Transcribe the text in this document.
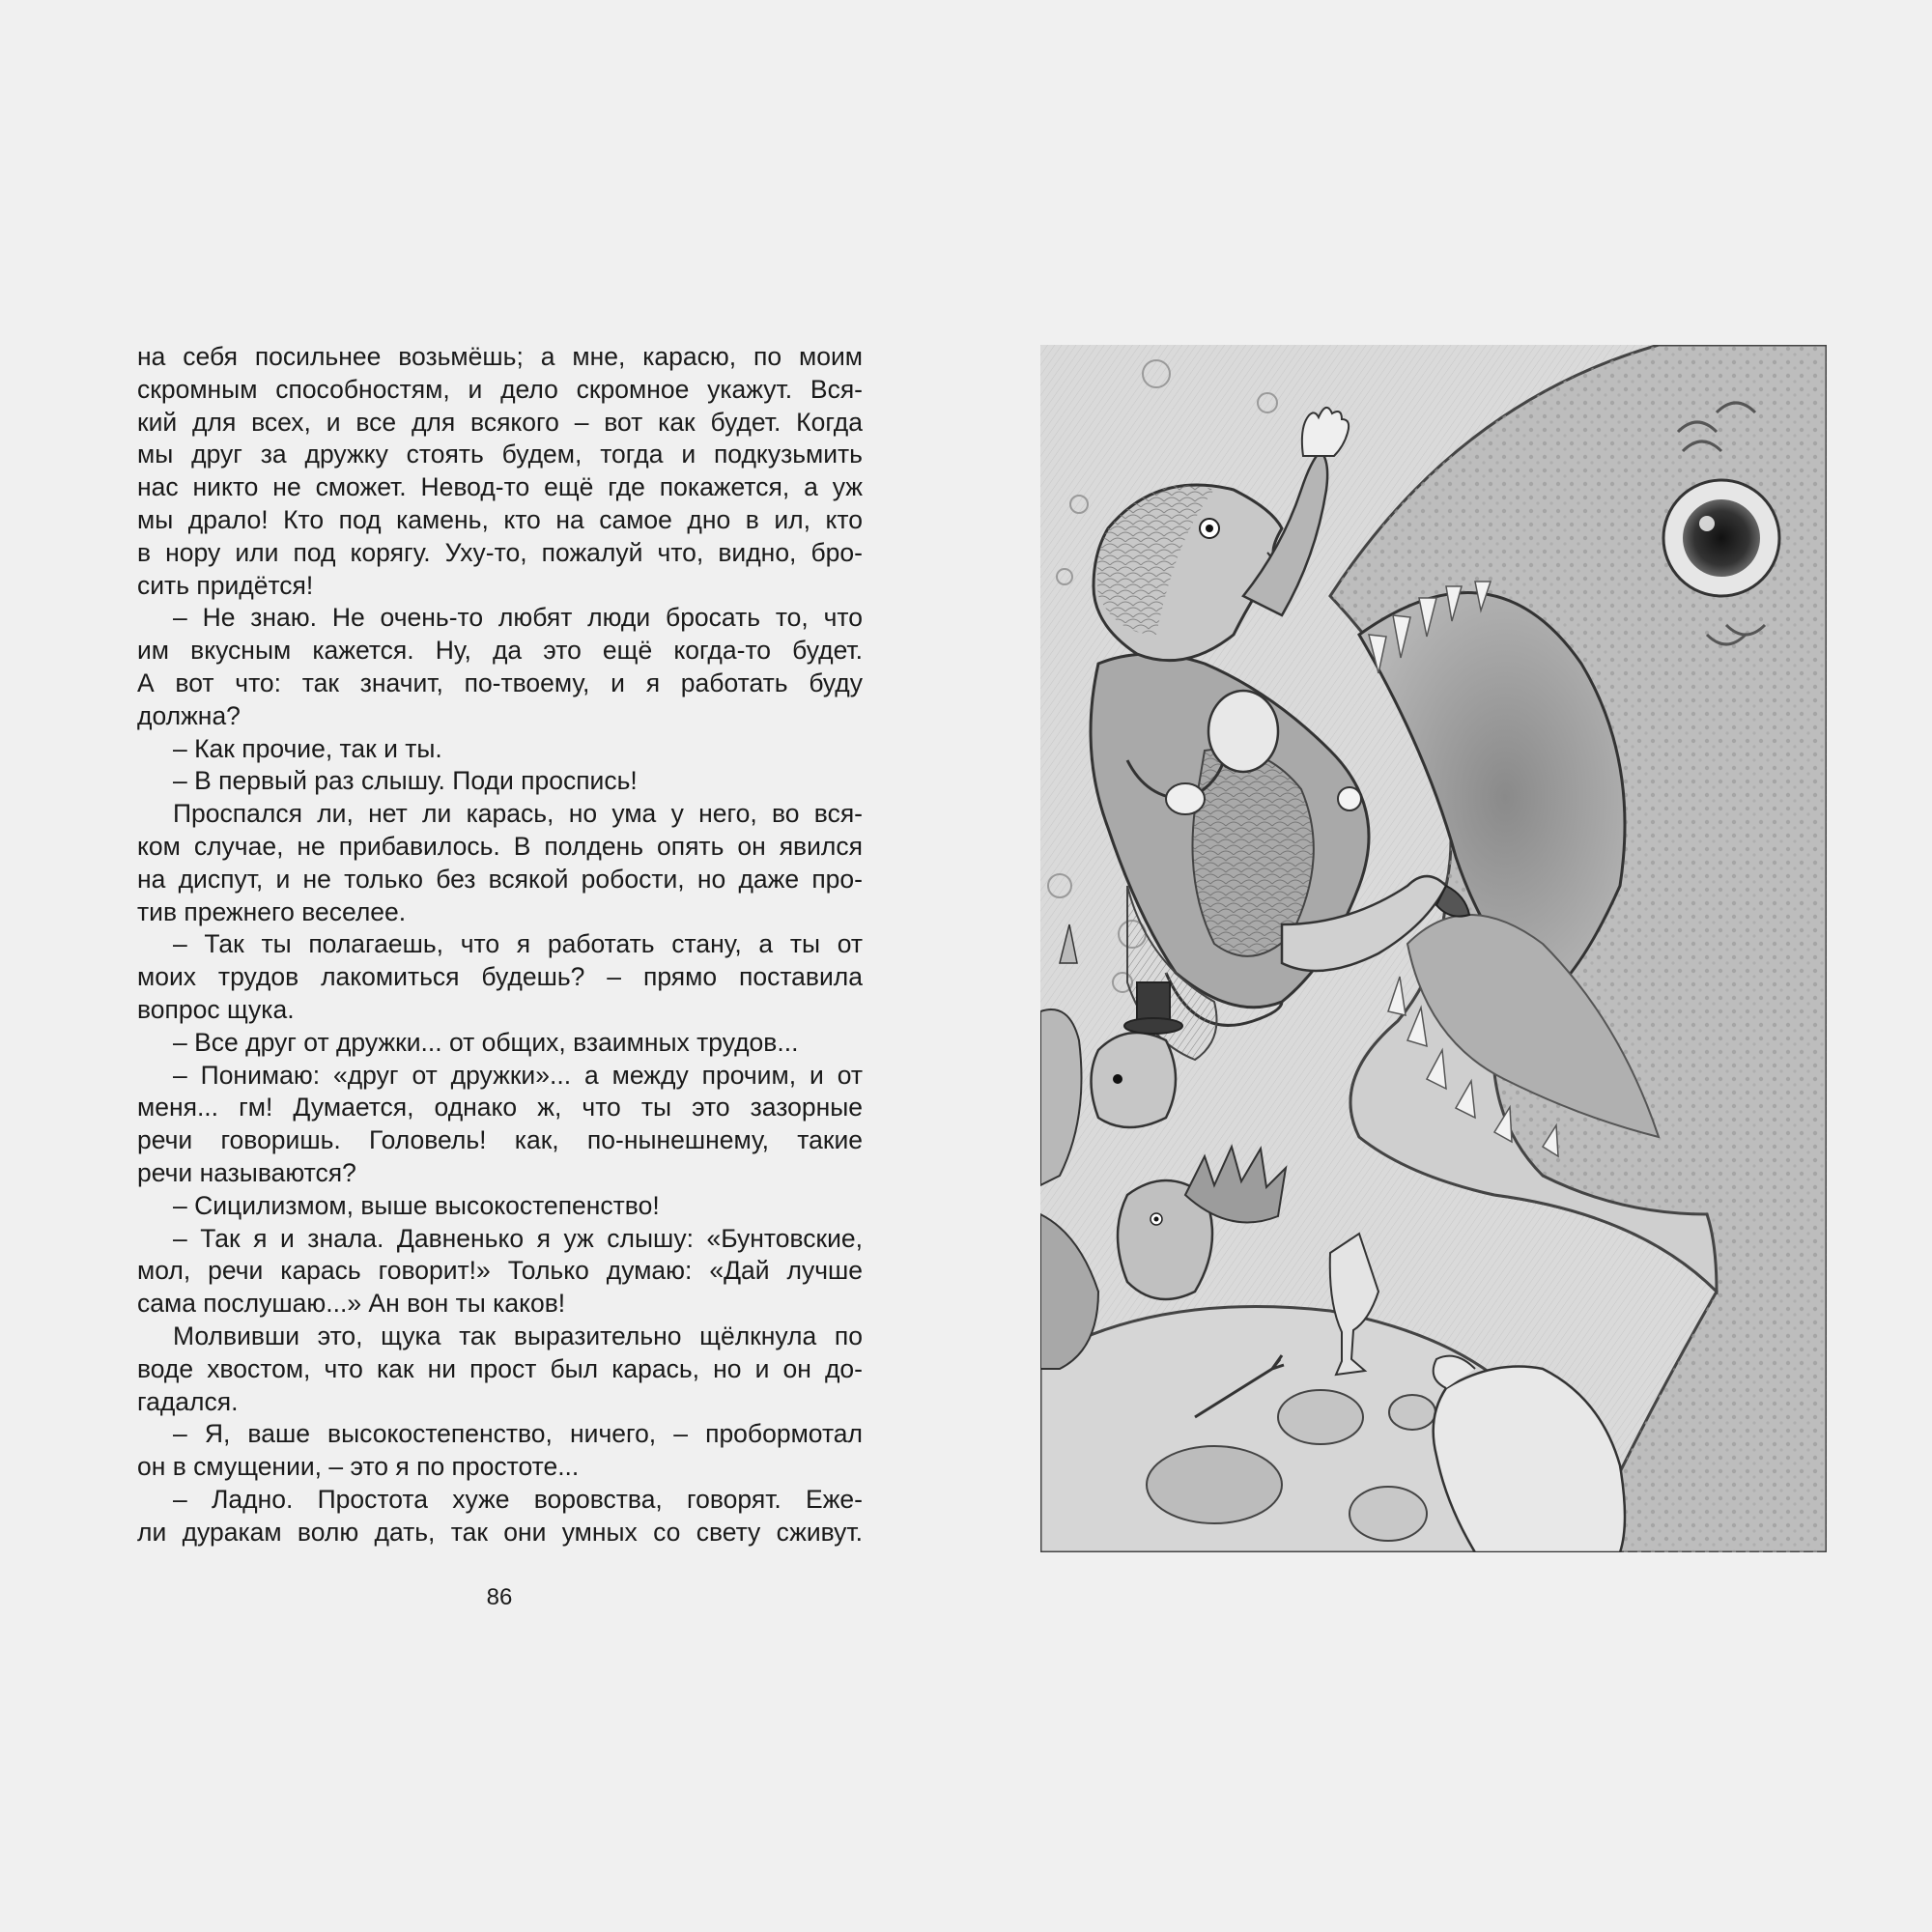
на себя посильнее возьмёшь; а мне, карасю, по моим
скромным способностям, и дело скромное укажут. Вся-
кий для всех, и все для всякого – вот как будет. Когда
мы друг за дружку стоять будем, тогда и подкузьмить
нас никто не сможет. Невод-то ещё где покажется, а уж
мы драло! Кто под камень, кто на самое дно в ил, кто
в нору или под корягу. Уху-то, пожалуй что, видно, бро-
сить придётся!
– Не знаю. Не очень-то любят люди бросать то, что
им вкусным кажется. Ну, да это ещё когда-то будет.
А вот что: так значит, по-твоему, и я работать буду
должна?
– Как прочие, так и ты.
– В первый раз слышу. Поди проспись!
Проспался ли, нет ли карась, но ума у него, во вся-
ком случае, не прибавилось. В полдень опять он явился
на диспут, и не только без всякой робости, но даже про-
тив прежнего веселее.
– Так ты полагаешь, что я работать стану, а ты от
моих трудов лакомиться будешь? – прямо поставила
вопрос щука.
– Все друг от дружки... от общих, взаимных трудов...
– Понимаю: «друг от дружки»... а между прочим, и от
меня... гм! Думается, однако ж, что ты это зазорные
речи говоришь. Головель! как, по-нынешнему, такие
речи называются?
– Сицилизмом, выше высокостепенство!
– Так я и знала. Давненько я уж слышу: «Бунтовские,
мол, речи карась говорит!» Только думаю: «Дай лучше
сама послушаю...» Ан вон ты каков!
Молвивши это, щука так выразительно щёлкнула по
воде хвостом, что как ни прост был карась, но и он до-
гадался.
– Я, ваше высокостепенство, ничего, – пробормотал
он в смущении, – это я по простоте...
– Ладно. Простота хуже воровства, говорят. Еже-
ли дуракам волю дать, так они умных со свету сживут.
86
